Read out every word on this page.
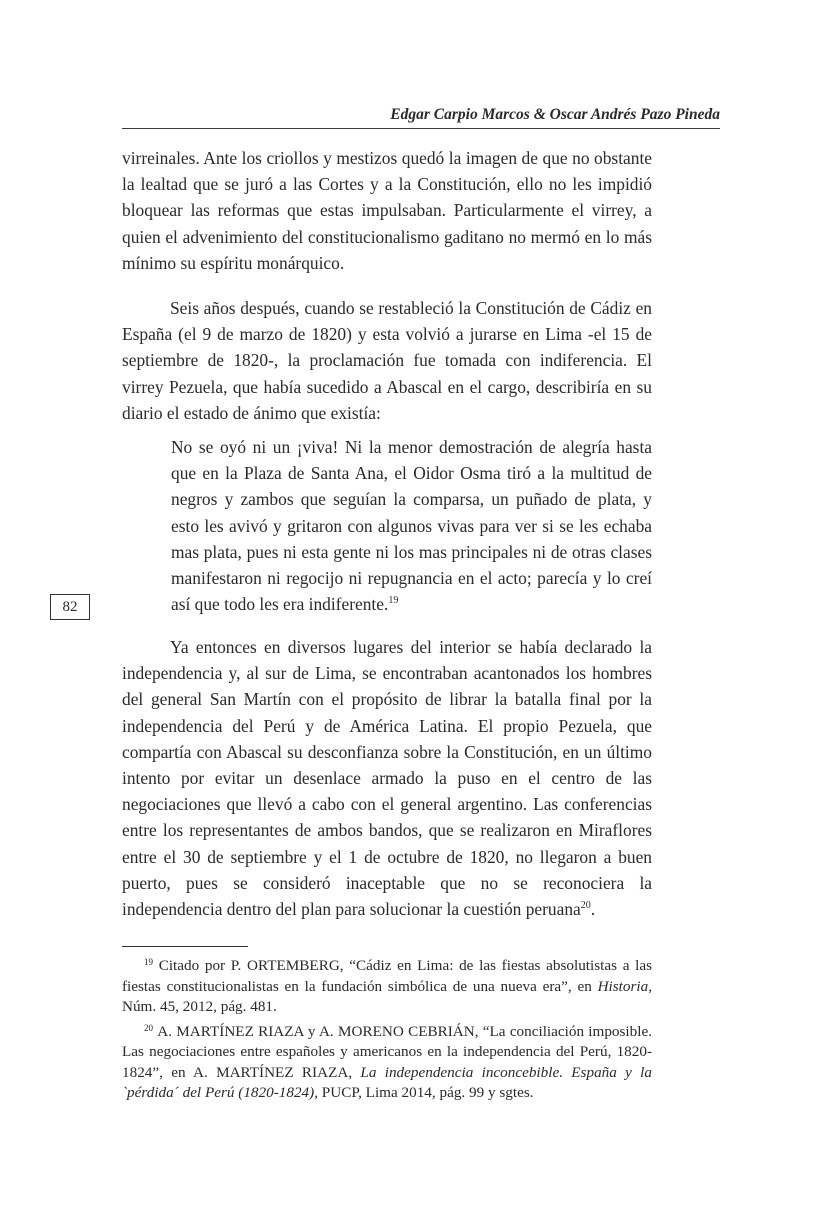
Edgar Carpio Marcos & Oscar Andrés Pazo Pineda

virreinales. Ante los criollos y mestizos quedó la imagen de que no obstante la lealtad que se juró a las Cortes y a la Constitución, ello no les impidió bloquear las reformas que estas impulsaban. Particularmente el virrey, a quien el advenimiento del constitucionalismo gaditano no mermó en lo más mínimo su espíritu monárquico.

Seis años después, cuando se restableció la Constitución de Cádiz en España (el 9 de marzo de 1820) y esta volvió a jurarse en Lima -el 15 de septiembre de 1820-, la proclamación fue tomada con indiferencia. El virrey Pezuela, que había sucedido a Abascal en el cargo, describiría en su diario el estado de ánimo que existía:

No se oyó ni un ¡viva! Ni la menor demostración de alegría hasta que en la Plaza de Santa Ana, el Oidor Osma tiró a la multitud de negros y zambos que seguían la comparsa, un puñado de plata, y esto les avivó y gritaron con algunos vivas para ver si se les echaba mas plata, pues ni esta gente ni los mas principales ni de otras clases manifestaron ni regocijo ni repugnancia en el acto; parecía y lo creí así que todo les era indiferente.$^{19}$
82

Ya entonces en diversos lugares del interior se había declarado la independencia y, al sur de Lima, se encontraban acantonados los hombres del general San Martín con el propósito de librar la batalla final por la independencia del Perú y de América Latina. El propio Pezuela, que compartía con Abascal su desconfianza sobre la Constitución, en un último intento por evitar un desenlace armado la puso en el centro de las negociaciones que llevó a cabo con el general argentino. Las conferencias entre los representantes de ambos bandos, que se realizaron en Miraflores entre el 30 de septiembre y el 1 de octubre de 1820, no llegaron a buen puerto, pues se consideró inaceptable que no se reconociera la independencia dentro del plan para solucionar la cuestión peruana$^{20}$.

$^{19}$ Citado por P. ORTEMBERG, “Cádiz en Lima: de las fiestas absolutistas a las fiestas constitucionalistas en la fundación simbólica de una nueva era”, en Historia, Núm. 45, 2012, pág. 481.

$^{20}$ A. MARTÍNEZ RIAZA y A. MORENO CEBRIÁN, “La conciliación imposible. Las negociaciones entre españoles y americanos en la independencia del Perú, 1820-1824”, en A. MARTÍNEZ RIAZA, La independencia inconcebible. España y la `pérdida´ del Perú (1820-1824), PUCP, Lima 2014, pág. 99 y sgtes.
